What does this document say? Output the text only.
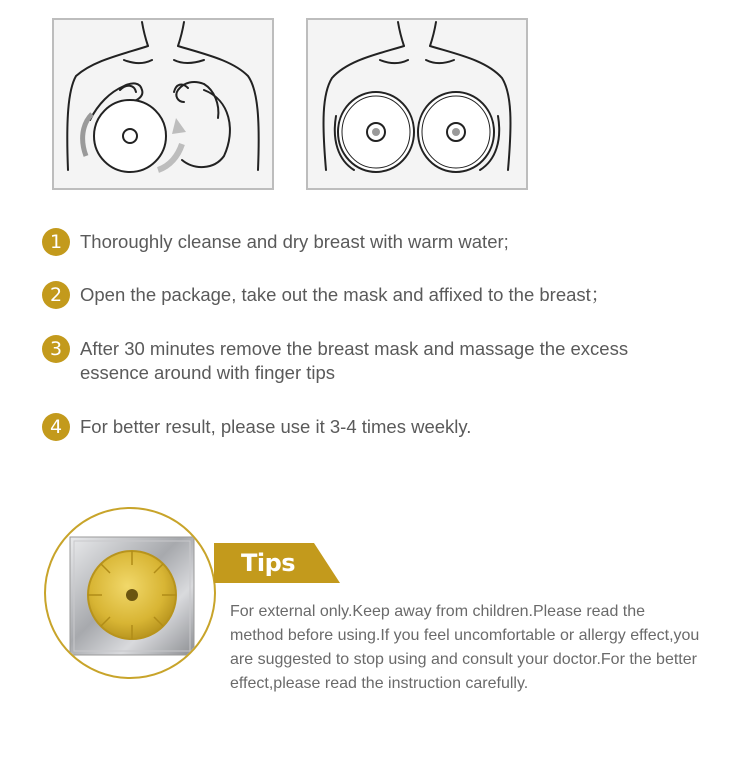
1 Thoroughly cleanse and dry breast with warm water;
2 Open the package, take out the mask and affixed to the breast；
3 After 30 minutes remove the breast mask and massage the excess essence around with finger tips
4 For better result, please use it 3-4 times weekly.
Tips
For external only.Keep away from children.Please read the method before using.If you feel uncomfortable or allergy effect,you are suggested to stop using and consult your doctor.For the better effect,please read the instruction carefully.
